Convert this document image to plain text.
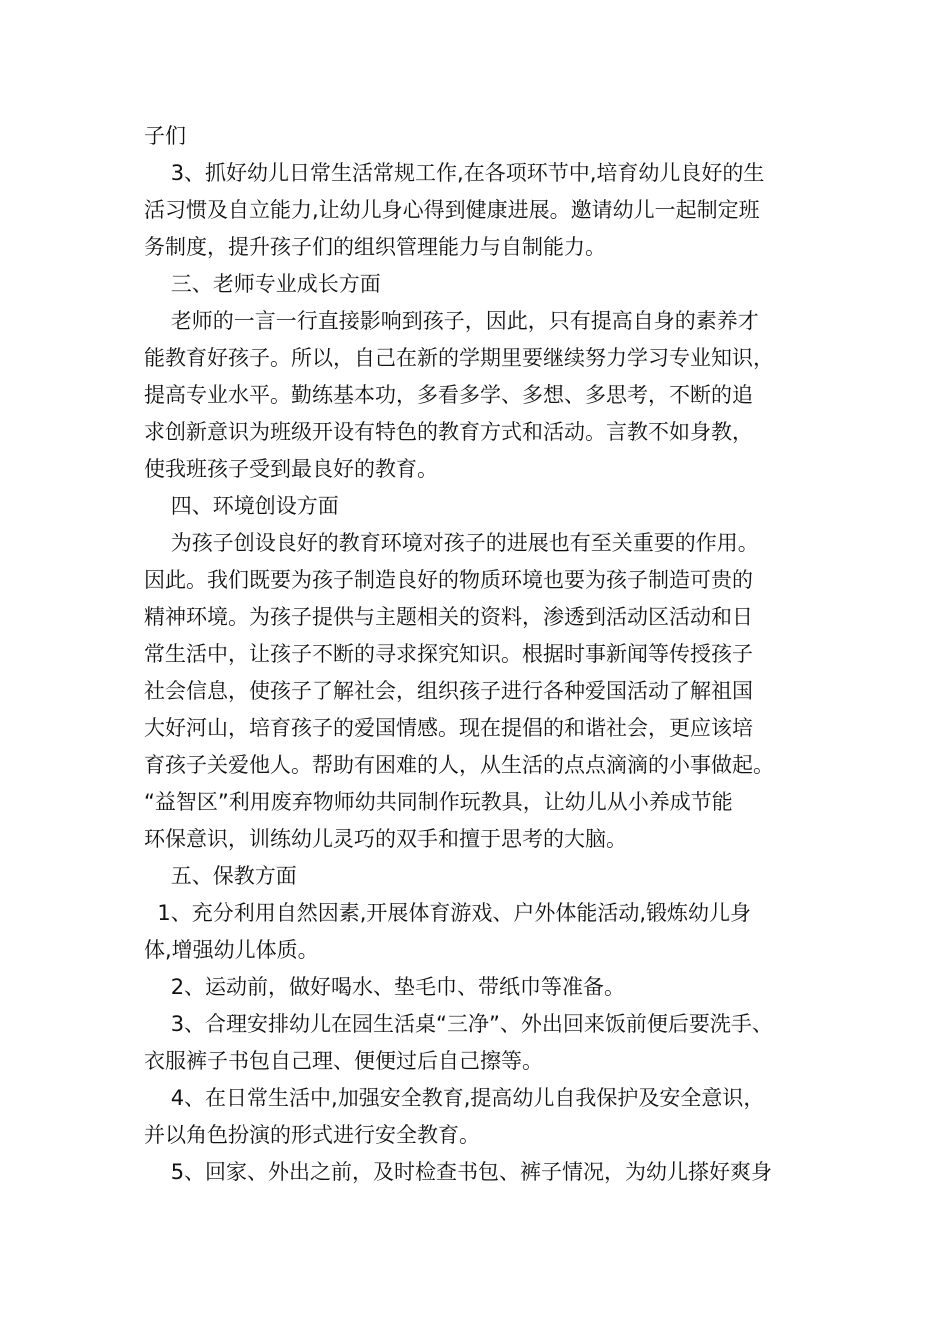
子们
3、抓好幼儿日常生活常规工作,在各项环节中,培育幼儿良好的生
活习惯及自立能力,让幼儿身心得到健康进展。邀请幼儿一起制定班
务制度，提升孩子们的组织管理能力与自制能力。
三、老师专业成长方面
老师的一言一行直接影响到孩子，因此，只有提高自身的素养才
能教育好孩子。所以，自己在新的学期里要继续努力学习专业知识，
提高专业水平。勤练基本功，多看多学、多想、多思考，不断的追
求创新意识为班级开设有特色的教育方式和活动。言教不如身教，
使我班孩子受到最良好的教育。
四、环境创设方面
为孩子创设良好的教育环境对孩子的进展也有至关重要的作用。
因此。我们既要为孩子制造良好的物质环境也要为孩子制造可贵的
精神环境。为孩子提供与主题相关的资料，渗透到活动区活动和日
常生活中，让孩子不断的寻求探究知识。根据时事新闻等传授孩子
社会信息，使孩子了解社会，组织孩子进行各种爱国活动了解祖国
大好河山，培育孩子的爱国情感。现在提倡的和谐社会，更应该培
育孩子关爱他人。帮助有困难的人，从生活的点点滴滴的小事做起。
“益智区”利用废弃物师幼共同制作玩教具，让幼儿从小养成节能
环保意识，训练幼儿灵巧的双手和擅于思考的大脑。
五、保教方面
1、充分利用自然因素,开展体育游戏、户外体能活动,锻炼幼儿身
体,增强幼儿体质。
2、运动前，做好喝水、垫毛巾、带纸巾等准备。
3、合理安排幼儿在园生活桌“三净”、外出回来饭前便后要洗手、
衣服裤子书包自己理、便便过后自己擦等。
4、在日常生活中,加强安全教育,提高幼儿自我保护及安全意识，
并以角色扮演的形式进行安全教育。
5、回家、外出之前，及时检查书包、裤子情况，为幼儿搽好爽身
